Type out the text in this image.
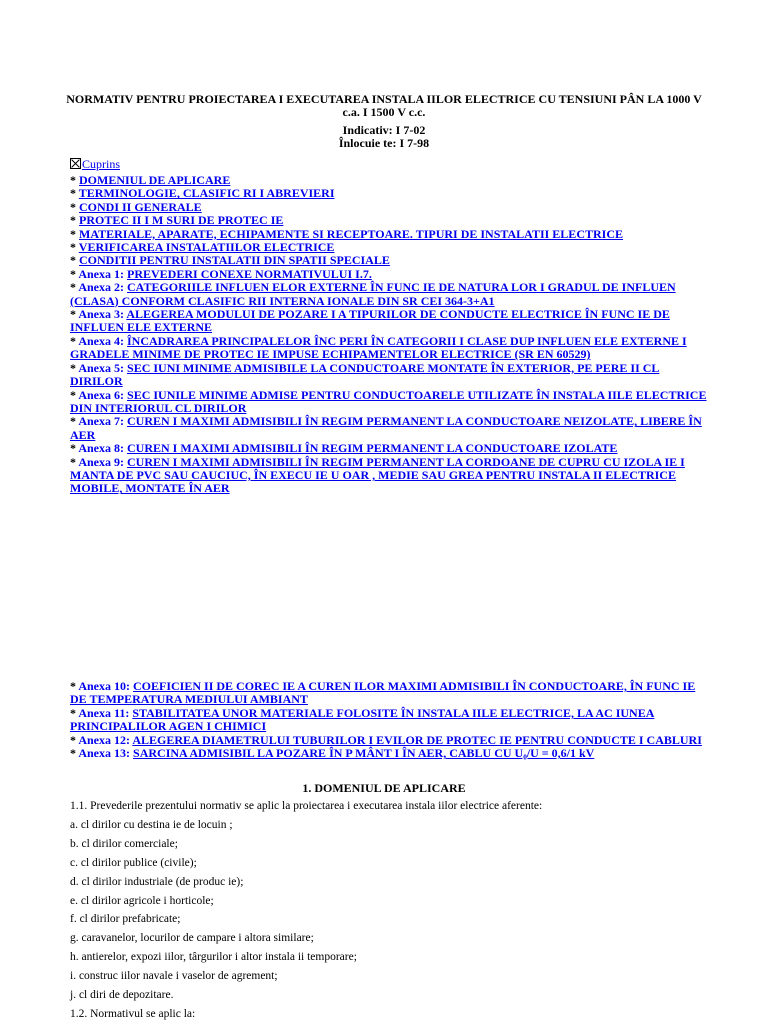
NORMATIV PENTRU PROIECTAREA I EXECUTAREA INSTALA IILOR ELECTRICE CU TENSIUNI PÂN LA 1000 V c.a. I 1500 V c.c.
Indicativ: I 7-02
Înlocuie te: I 7-98
Cuprins
* DOMENIUL DE APLICARE
* TERMINOLOGIE, CLASIFIC RI I ABREVIERI
* CONDI II GENERALE
* PROTEC II I M SURI DE PROTEC IE
* MATERIALE, APARATE, ECHIPAMENTE SI RECEPTOARE. TIPURI DE INSTALATII ELECTRICE
* VERIFICAREA INSTALATIILOR ELECTRICE
* CONDITII PENTRU INSTALATII DIN SPATII SPECIALE
* Anexa 1: PREVEDERI CONEXE NORMATIVULUI I.7.
* Anexa 2: CATEGORIILE INFLUEN ELOR EXTERNE ÎN FUNC IE DE NATURA LOR I GRADUL DE INFLUEN (CLASA) CONFORM CLASIFIC RII INTERNA IONALE DIN SR CEI 364-3+A1
* Anexa 3: ALEGEREA MODULUI DE POZARE I A TIPURILOR DE CONDUCTE ELECTRICE ÎN FUNC IE DE INFLUEN ELE EXTERNE
* Anexa 4: ÎNCADRAREA PRINCIPALELOR ÎNC PERI ÎN CATEGORII I CLASE DUP INFLUEN ELE EXTERNE I GRADELE MINIME DE PROTEC IE IMPUSE ECHIPAMENTELOR ELECTRICE (SR EN 60529)
* Anexa 5: SEC IUNI MINIME ADMISIBILE LA CONDUCTOARE MONTATE ÎN EXTERIOR, PE PERE II CL DIRILOR
* Anexa 6: SEC IUNILE MINIME ADMISE PENTRU CONDUCTOARELE UTILIZATE ÎN INSTALA IILE ELECTRICE DIN INTERIORUL CL DIRILOR
* Anexa 7: CUREN I MAXIMI ADMISIBILI ÎN REGIM PERMANENT LA CONDUCTOARE NEIZOLATE, LIBERE ÎN AER
* Anexa 8: CUREN I MAXIMI ADMISIBILI ÎN REGIM PERMANENT LA CONDUCTOARE IZOLATE
* Anexa 9: CUREN I MAXIMI ADMISIBILI ÎN REGIM PERMANENT LA CORDOANE DE CUPRU CU IZOLA IE I MANTA DE PVC SAU CAUCIUC, ÎN EXECU IE U OAR , MEDIE SAU GREA PENTRU INSTALA II ELECTRICE MOBILE, MONTATE ÎN AER
* Anexa 10: COEFICIEN II DE COREC IE A CUREN ILOR MAXIMI ADMISIBILI ÎN CONDUCTOARE, ÎN FUNC IE DE TEMPERATURA MEDIULUI AMBIANT
* Anexa 11: STABILITATEA UNOR MATERIALE FOLOSITE ÎN INSTALA IILE ELECTRICE, LA AC IUNEA PRINCIPALILOR AGEN I CHIMICI
* Anexa 12: ALEGEREA DIAMETRULUI TUBURILOR I EVILOR DE PROTEC IE PENTRU CONDUCTE I CABLURI
* Anexa 13: SARCINA ADMISIBIL LA POZARE ÎN P MÂNT I ÎN AER, CABLU CU U₀/U = 0,6/1 kV
1. DOMENIUL DE APLICARE

1.1. Prevederile prezentului normativ se aplic la proiectarea i executarea instala iilor electrice aferente:

a. cl dirilor cu destina ie de locuin ;

b. cl dirilor comerciale;

c. cl dirilor publice (civile);

d. cl dirilor industriale (de produc ie);

e. cl dirilor agricole i horticole;

f. cl dirilor prefabricate;

g. caravanelor, locurilor de campare i altora similare;

h. antierelor, expozi iilor, târgurilor i altor instala ii temporare;

i. construc iilor navale i vaselor de agrement;

j. cl diri de depozitare.

1.2. Normativul se aplic la:
